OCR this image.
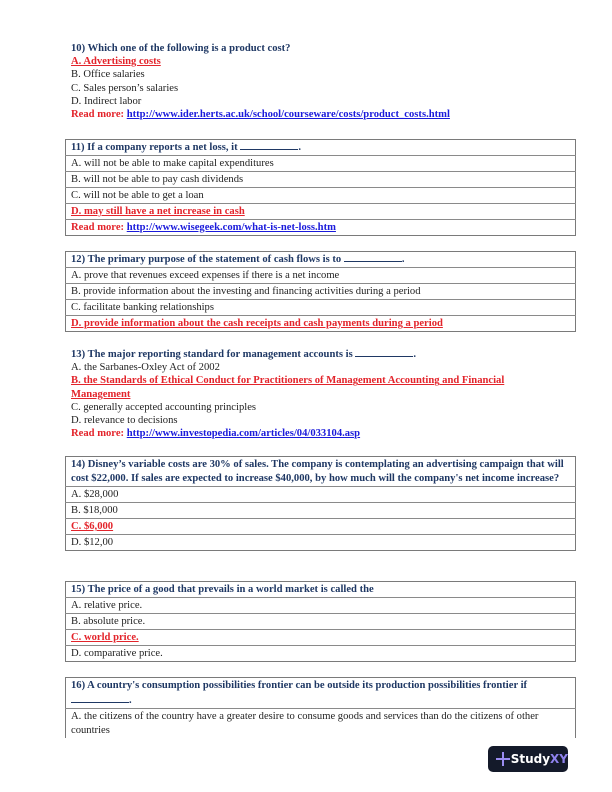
10) Which one of the following is a product cost?
A. Advertising costs
B. Office salaries
C. Sales person’s salaries
D. Indirect labor
Read more: http://www.ider.herts.ac.uk/school/courseware/costs/product_costs.html
11) If a company reports a net loss, it	.
A. will not be able to make capital expenditures
B. will not be able to pay cash dividends
C. will not be able to get a loan
D. may still have a net increase in cash
Read more: http://www.wisegeek.com/what-is-net-loss.htm
12) The primary purpose of the statement of cash flows is to	.
A. prove that revenues exceed expenses if there is a net income
B. provide information about the investing and financing activities during a period
C. facilitate banking relationships
D. provide information about the cash receipts and cash payments during a period
13) The major reporting standard for management accounts is	.
A. the Sarbanes-Oxley Act of 2002
B. the Standards of Ethical Conduct for Practitioners of Management Accounting and Financial
Management
C. generally accepted accounting principles
D. relevance to decisions
Read more: http://www.investopedia.com/articles/04/033104.asp
14) Disney’s variable costs are 30% of sales. The company is contemplating an advertising campaign that will cost $22,000. If sales are expected to increase $40,000, by how much will the company's net income increase?
A. $28,000
B. $18,000
C. $6,000
D. $12,00
15) The price of a good that prevails in a world market is called the
A. relative price.
B. absolute price.
C. world price.
D. comparative price.
16) A country's consumption possibilities frontier can be outside its production possibilities frontier if .
A. the citizens of the country have a greater desire to consume goods and services than do the citizens of other countries
StudyXY
